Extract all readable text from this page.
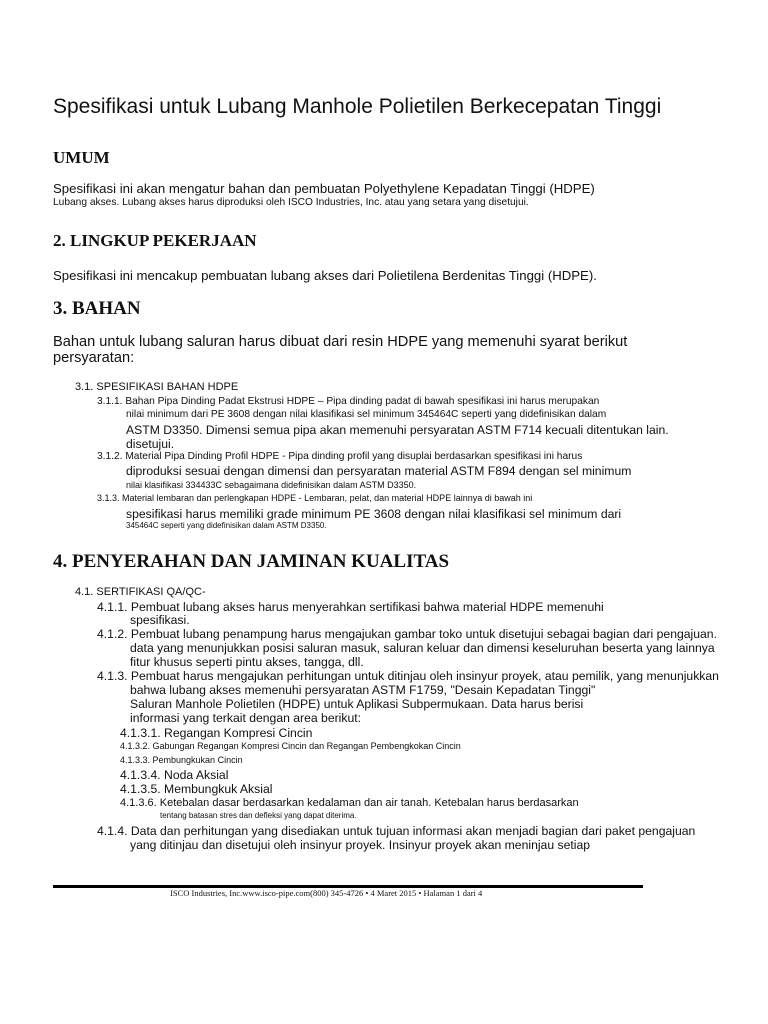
Spesifikasi untuk Lubang Manhole Polietilen Berkecepatan Tinggi
UMUM
Spesifikasi ini akan mengatur bahan dan pembuatan Polyethylene Kepadatan Tinggi (HDPE)
Lubang akses. Lubang akses harus diproduksi oleh ISCO Industries, Inc. atau yang setara yang disetujui.
2. LINGKUP PEKERJAAN
Spesifikasi ini mencakup pembuatan lubang akses dari Polietilena Berdenitas Tinggi (HDPE).
3. BAHAN
Bahan untuk lubang saluran harus dibuat dari resin HDPE yang memenuhi syarat berikut
persyaratan:
3.1. SPESIFIKASI BAHAN HDPE
3.1.1. Bahan Pipa Dinding Padat Ekstrusi HDPE – Pipa dinding padat di bawah spesifikasi ini harus merupakan
nilai minimum dari PE 3608 dengan nilai klasifikasi sel minimum 345464C seperti yang didefinisikan dalam
ASTM D3350. Dimensi semua pipa akan memenuhi persyaratan ASTM F714 kecuali ditentukan lain.
disetujui.
3.1.2. Material Pipa Dinding Profil HDPE - Pipa dinding profil yang disuplai berdasarkan spesifikasi ini harus
diproduksi sesuai dengan dimensi dan persyaratan material ASTM F894 dengan sel minimum
nilai klasifikasi 334433C sebagaimana didefinisikan dalam ASTM D3350.
3.1.3. Material lembaran dan perlengkapan HDPE - Lembaran, pelat, dan material HDPE lainnya di bawah ini
spesifikasi harus memiliki grade minimum PE 3608 dengan nilai klasifikasi sel minimum dari
345464C seperti yang didefinisikan dalam ASTM D3350.
4. PENYERAHAN DAN JAMINAN KUALITAS
4.1. SERTIFIKASI QA/QC-
4.1.1. Pembuat lubang akses harus menyerahkan sertifikasi bahwa material HDPE memenuhi
spesifikasi.
4.1.2. Pembuat lubang penampung harus mengajukan gambar toko untuk disetujui sebagai bagian dari pengajuan.
data yang menunjukkan posisi saluran masuk, saluran keluar dan dimensi keseluruhan beserta yang lainnya
fitur khusus seperti pintu akses, tangga, dll.
4.1.3. Pembuat harus mengajukan perhitungan untuk ditinjau oleh insinyur proyek, atau pemilik, yang menunjukkan
bahwa lubang akses memenuhi persyaratan ASTM F1759, "Desain Kepadatan Tinggi"
Saluran Manhole Polietilen (HDPE) untuk Aplikasi Subpermukaan. Data harus berisi
informasi yang terkait dengan area berikut:
4.1.3.1. Regangan Kompresi Cincin
4.1.3.2. Gabungan Regangan Kompresi Cincin dan Regangan Pembengkokan Cincin
4.1.3.3. Pembungkukan Cincin
4.1.3.4. Noda Aksial
4.1.3.5. Membungkuk Aksial
4.1.3.6. Ketebalan dasar berdasarkan kedalaman dan air tanah. Ketebalan harus berdasarkan
tentang batasan stres dan defleksi yang dapat diterima.
4.1.4. Data dan perhitungan yang disediakan untuk tujuan informasi akan menjadi bagian dari paket pengajuan
yang ditinjau dan disetujui oleh insinyur proyek. Insinyur proyek akan meninjau setiap
ISCO Industries, Inc.www.isco-pipe.com(800) 345-4726 • 4 Maret 2015 • Halaman 1 dari 4
